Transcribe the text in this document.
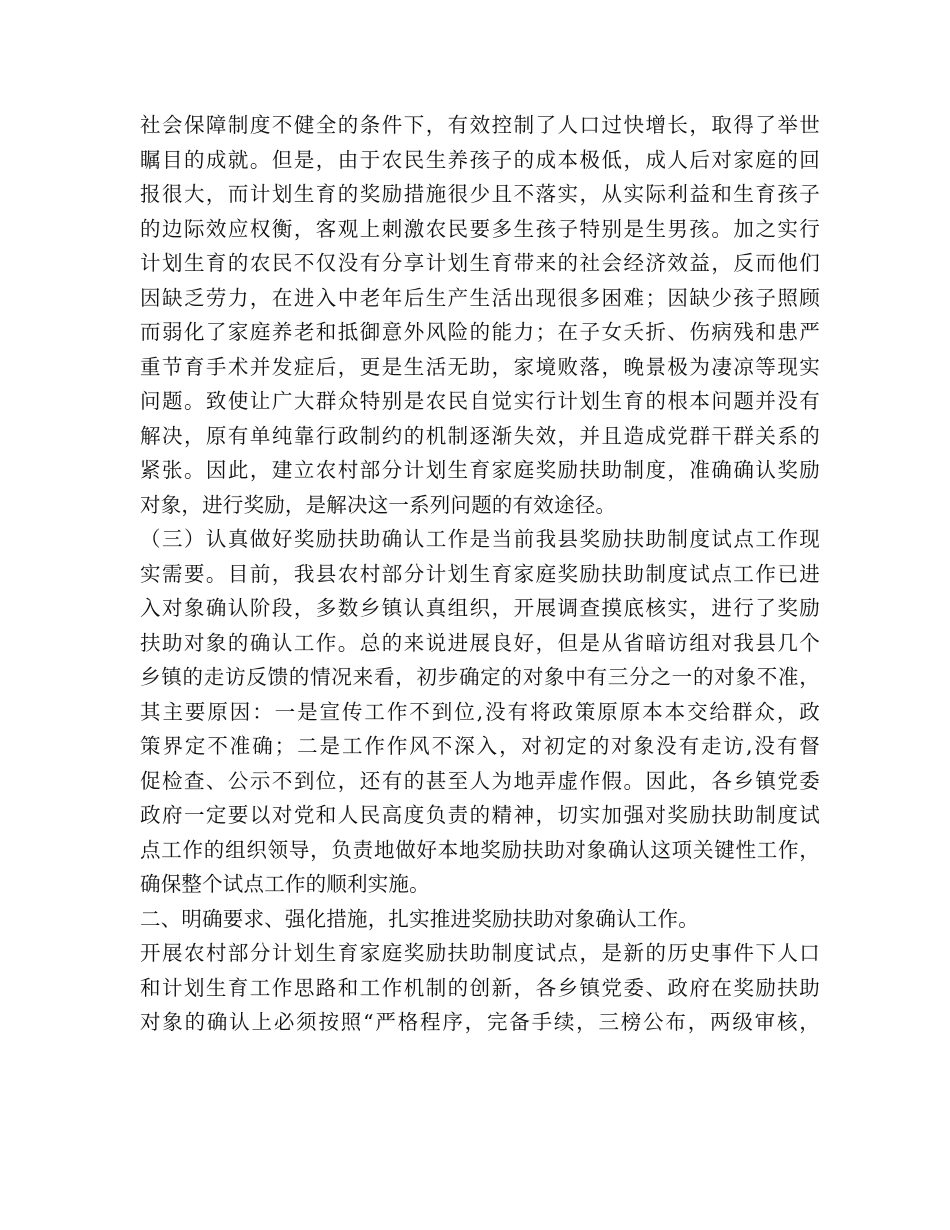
社会保障制度不健全的条件下，有效控制了人口过快增长，取得了举世
瞩目的成就。但是，由于农民生养孩子的成本极低，成人后对家庭的回
报很大，而计划生育的奖励措施很少且不落实，从实际利益和生育孩子
的边际效应权衡，客观上刺激农民要多生孩子特别是生男孩。加之实行
计划生育的农民不仅没有分享计划生育带来的社会经济效益，反而他们
因缺乏劳力，在进入中老年后生产生活出现很多困难；因缺少孩子照顾
而弱化了家庭养老和抵御意外风险的能力；在子女夭折、伤病残和患严
重节育手术并发症后，更是生活无助，家境败落，晚景极为凄凉等现实
问题。致使让广大群众特别是农民自觉实行计划生育的根本问题并没有
解决，原有单纯靠行政制约的机制逐渐失效，并且造成党群干群关系的
紧张。因此，建立农村部分计划生育家庭奖励扶助制度，准确确认奖励
对象，进行奖励，是解决这一系列问题的有效途径。
（三）认真做好奖励扶助确认工作是当前我县奖励扶助制度试点工作现
实需要。目前，我县农村部分计划生育家庭奖励扶助制度试点工作已进
入对象确认阶段，多数乡镇认真组织，开展调查摸底核实，进行了奖励
扶助对象的确认工作。总的来说进展良好，但是从省暗访组对我县几个
乡镇的走访反馈的情况来看，初步确定的对象中有三分之一的对象不准，
其主要原因：一是宣传工作不到位,没有将政策原原本本交给群众，政
策界定不准确；二是工作作风不深入，对初定的对象没有走访,没有督
促检查、公示不到位，还有的甚至人为地弄虚作假。因此，各乡镇党委
政府一定要以对党和人民高度负责的精神，切实加强对奖励扶助制度试
点工作的组织领导，负责地做好本地奖励扶助对象确认这项关键性工作，
确保整个试点工作的顺利实施。
二、明确要求、强化措施，扎实推进奖励扶助对象确认工作。
开展农村部分计划生育家庭奖励扶助制度试点，是新的历史事件下人口
和计划生育工作思路和工作机制的创新，各乡镇党委、政府在奖励扶助
对象的确认上必须按照“严格程序，完备手续，三榜公布，两级审核，
